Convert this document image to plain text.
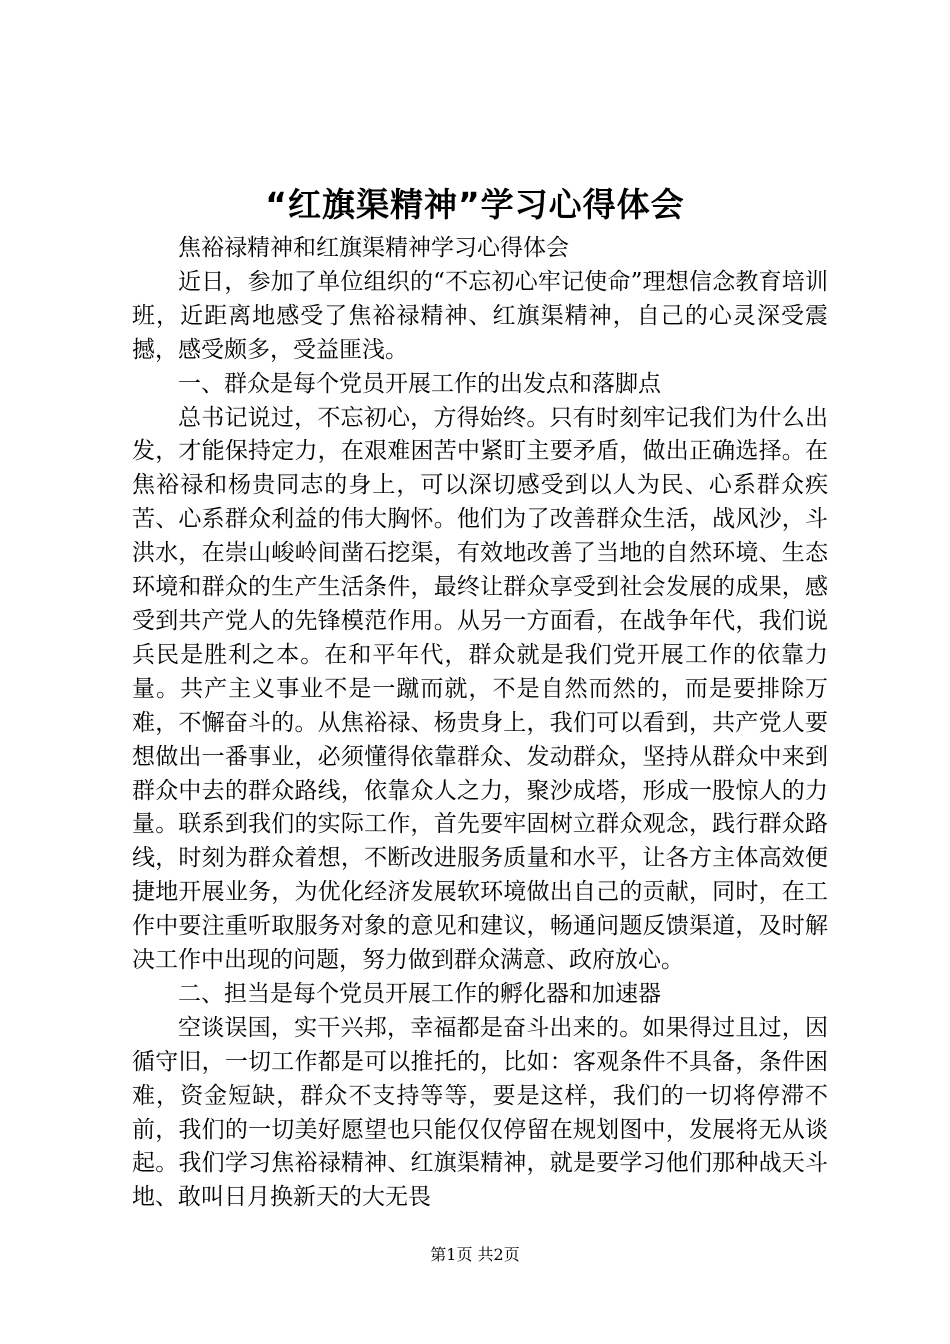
“红旗渠精神”学习心得体会

焦裕禄精神和红旗渠精神学习心得体会

近日，参加了单位组织的“不忘初心牢记使命”理想信念教育培训班，近距离地感受了焦裕禄精神、红旗渠精神，自己的心灵深受震撼，感受颇多，受益匪浅。

一、群众是每个党员开展工作的出发点和落脚点

总书记说过，不忘初心，方得始终。只有时刻牢记我们为什么出发，才能保持定力，在艰难困苦中紧盯主要矛盾，做出正确选择。在焦裕禄和杨贵同志的身上，可以深切感受到以人为民、心系群众疾苦、心系群众利益的伟大胸怀。他们为了改善群众生活，战风沙，斗洪水，在崇山峻岭间凿石挖渠，有效地改善了当地的自然环境、生态环境和群众的生产生活条件，最终让群众享受到社会发展的成果，感受到共产党人的先锋模范作用。从另一方面看，在战争年代，我们说兵民是胜利之本。在和平年代，群众就是我们党开展工作的依靠力量。共产主义事业不是一蹴而就，不是自然而然的，而是要排除万难，不懈奋斗的。从焦裕禄、杨贵身上，我们可以看到，共产党人要想做出一番事业，必须懂得依靠群众、发动群众，坚持从群众中来到群众中去的群众路线，依靠众人之力，聚沙成塔，形成一股惊人的力量。联系到我们的实际工作，首先要牢固树立群众观念，践行群众路线，时刻为群众着想，不断改进服务质量和水平，让各方主体高效便捷地开展业务，为优化经济发展软环境做出自己的贡献，同时，在工作中要注重听取服务对象的意见和建议，畅通问题反馈渠道，及时解决工作中出现的问题，努力做到群众满意、政府放心。

二、担当是每个党员开展工作的孵化器和加速器

空谈误国，实干兴邦，幸福都是奋斗出来的。如果得过且过，因循守旧，一切工作都是可以推托的，比如：客观条件不具备，条件困难，资金短缺，群众不支持等等，要是这样，我们的一切将停滞不前，我们的一切美好愿望也只能仅仅停留在规划图中，发展将无从谈起。我们学习焦裕禄精神、红旗渠精神，就是要学习他们那种战天斗地、敢叫日月换新天的大无畏

第1页 共2页
